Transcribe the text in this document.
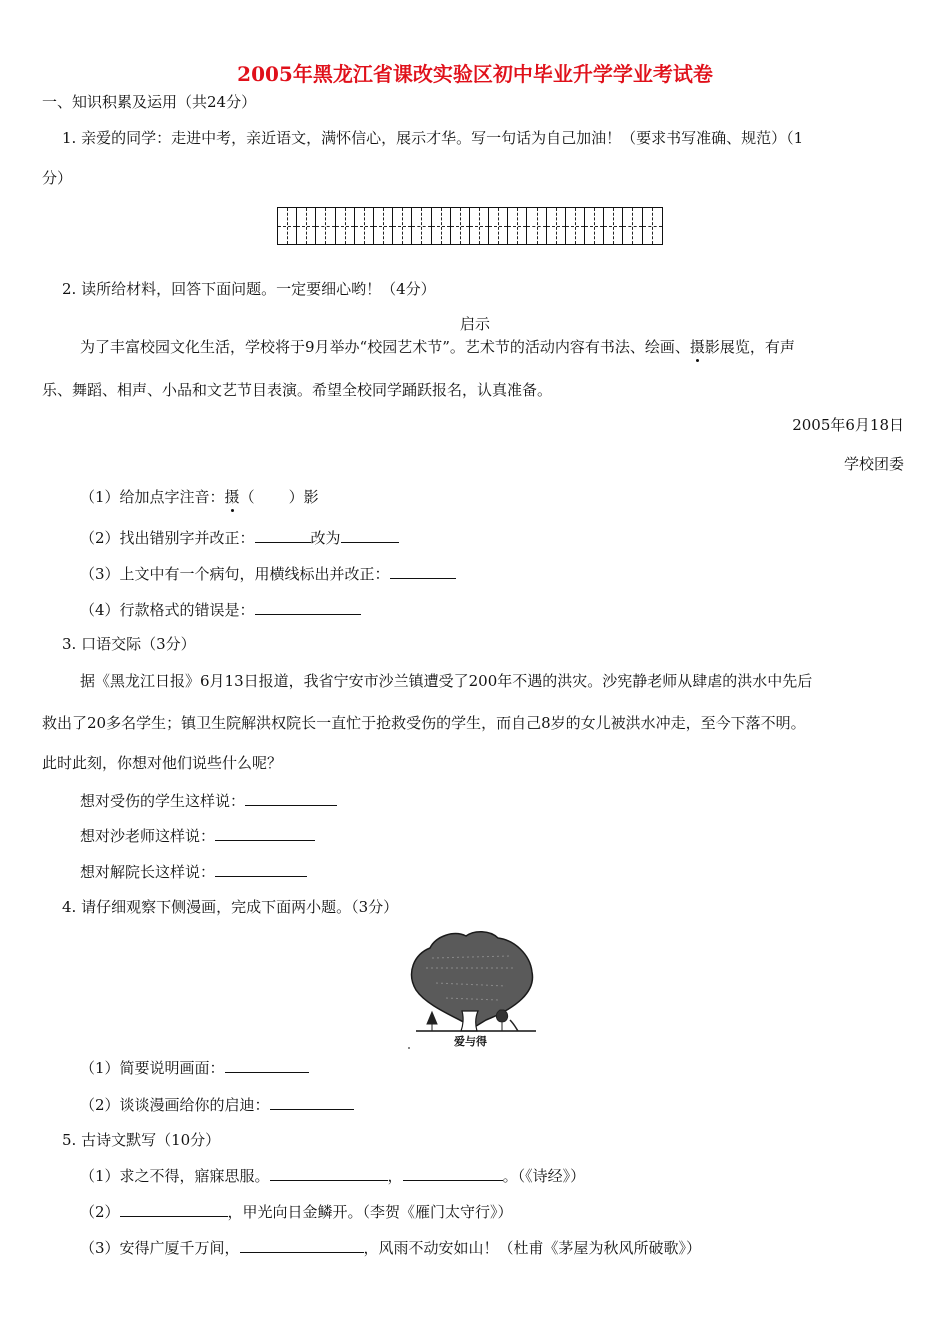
2005年黑龙江省课改实验区初中毕业升学学业考试卷
一、知识积累及运用（共24分）
1. 亲爱的同学：走进中考，亲近语文，满怀信心，展示才华。写一句话为自己加油！（要求书写准确、规范）（1
分）
2. 读所给材料，回答下面问题。一定要细心哟！（4分）
启示
为了丰富校园文化生活，学校将于9月举办“校园艺术节”。艺术节的活动内容有书法、绘画、摄影展览，有声
乐、舞蹈、相声、小品和文艺节目表演。希望全校同学踊跃报名，认真准备。
2005年6月18日
学校团委
（1）给加点字注音：摄（ ）影
（2）找出错别字并改正：	改为
（3）上文中有一个病句，用横线标出并改正：
（4）行款格式的错误是：
3. 口语交际（3分）
据《黑龙江日报》6月13日报道，我省宁安市沙兰镇遭受了200年不遇的洪灾。沙宪静老师从肆虐的洪水中先后
救出了20多名学生；镇卫生院解洪权院长一直忙于抢救受伤的学生，而自己8岁的女儿被洪水冲走，至今下落不明。
此时此刻，你想对他们说些什么呢？
想对受伤的学生这样说：
想对沙老师这样说：
想对解院长这样说：
4. 请仔细观察下侧漫画，完成下面两小题。（3分）
爱与得
（1）简要说明画面：
（2）谈谈漫画给你的启迪：
5. 古诗文默写（10分）
（1）求之不得，寤寐思服。	，	。（《诗经》）
（2）	，甲光向日金鳞开。（李贺《雁门太守行》）
（3）安得广厦千万间，	，风雨不动安如山！（杜甫《茅屋为秋风所破歌》）
